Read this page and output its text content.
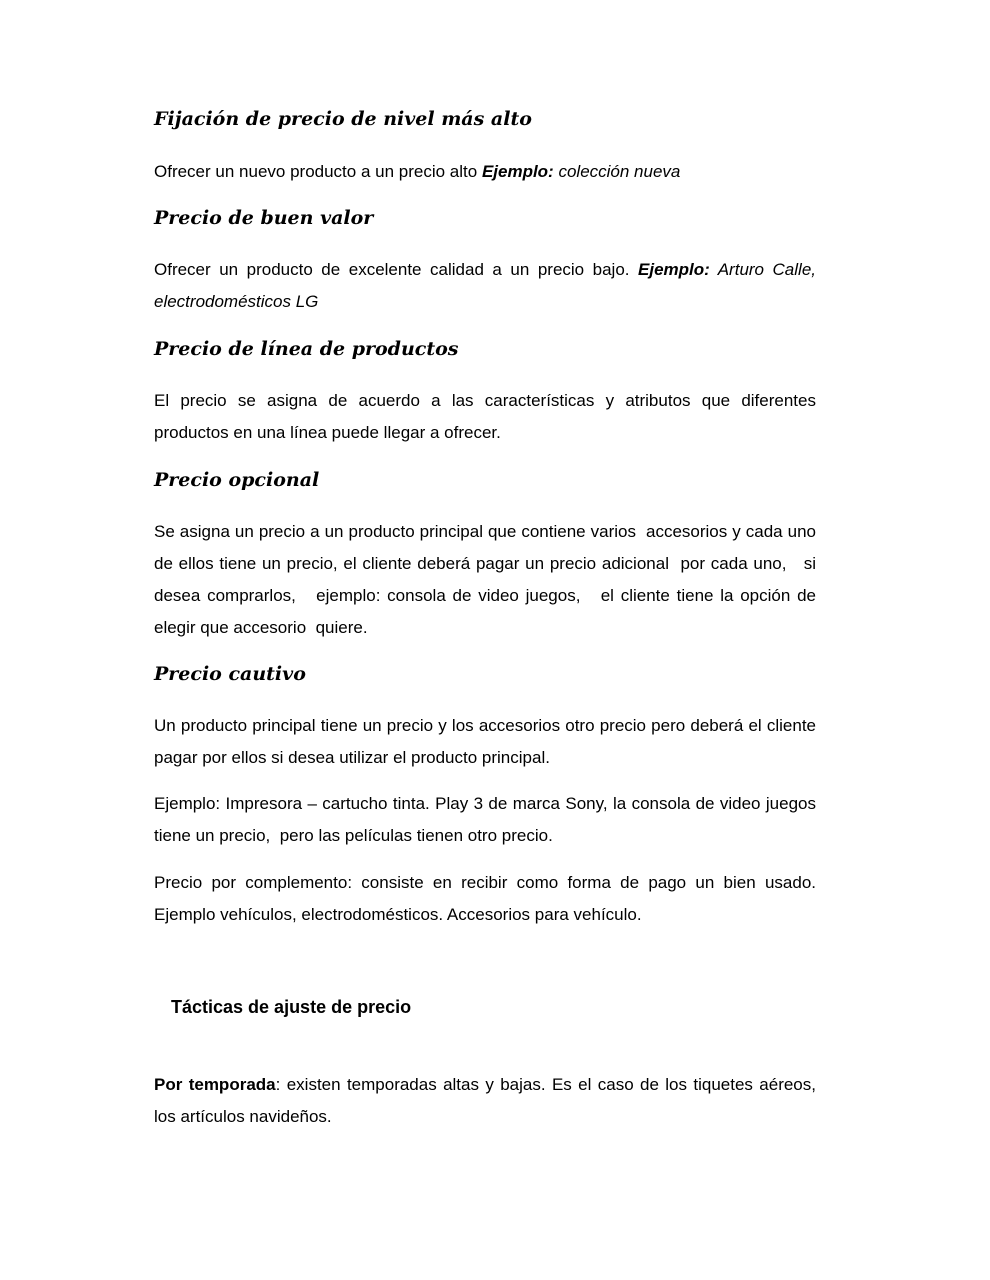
Fijación de precio de nivel más alto

Ofrecer un nuevo producto a un precio alto Ejemplo: colección nueva

Precio de buen valor

Ofrecer un producto de excelente calidad a un precio bajo. Ejemplo: Arturo Calle, electrodomésticos LG

Precio de línea de productos

El precio se asigna de acuerdo a las características y atributos que diferentes productos en una línea puede llegar a ofrecer.

Precio opcional

Se asigna un precio a un producto principal que contiene varios  accesorios y cada uno de ellos tiene un precio, el cliente deberá pagar un precio adicional  por cada uno,   si desea comprarlos,   ejemplo: consola de video juegos,   el cliente tiene la opción de elegir que accesorio  quiere.

Precio cautivo

Un producto principal tiene un precio y los accesorios otro precio pero deberá el cliente pagar por ellos si desea utilizar el producto principal.

Ejemplo: Impresora – cartucho tinta. Play 3 de marca Sony, la consola de video juegos tiene un precio,  pero las películas tienen otro precio.

Precio por complemento: consiste en recibir como forma de pago un bien usado. Ejemplo vehículos, electrodomésticos. Accesorios para vehículo.

Tácticas de ajuste de precio

Por temporada: existen temporadas altas y bajas. Es el caso de los tiquetes aéreos, los artículos navideños.
